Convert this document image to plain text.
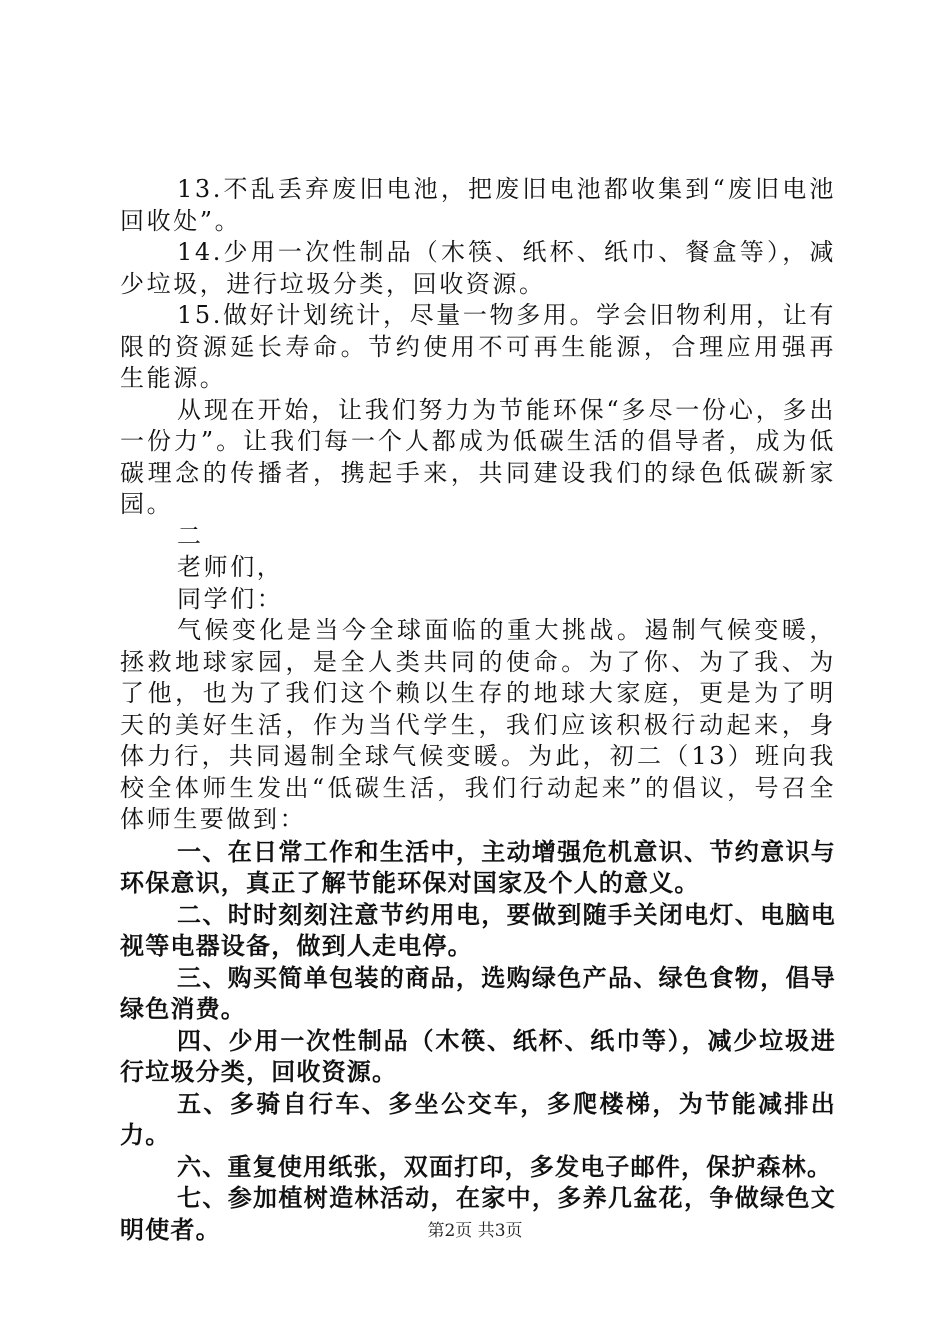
13.不乱丢弃废旧电池，把废旧电池都收集到“废旧电池回收处”。

14.少用一次性制品（木筷、纸杯、纸巾、餐盒等），减少垃圾，进行垃圾分类，回收资源。

15.做好计划统计，尽量一物多用。学会旧物利用，让有限的资源延长寿命。节约使用不可再生能源，合理应用强再生能源。

从现在开始，让我们努力为节能环保“多尽一份心，多出一份力”。让我们每一个人都成为低碳生活的倡导者，成为低碳理念的传播者，携起手来，共同建设我们的绿色低碳新家园。

二

老师们，

同学们：

气候变化是当今全球面临的重大挑战。遏制气候变暖，拯救地球家园，是全人类共同的使命。为了你、为了我、为了他，也为了我们这个赖以生存的地球大家庭，更是为了明天的美好生活，作为当代学生，我们应该积极行动起来，身体力行，共同遏制全球气候变暖。为此，初二（13）班向我校全体师生发出“低碳生活，我们行动起来”的倡议，号召全体师生要做到：

一、在日常工作和生活中，主动增强危机意识、节约意识与环保意识，真正了解节能环保对国家及个人的意义。

二、时时刻刻注意节约用电，要做到随手关闭电灯、电脑电视等电器设备，做到人走电停。

三、购买简单包装的商品，选购绿色产品、绿色食物，倡导绿色消费。

四、少用一次性制品（木筷、纸杯、纸巾等），减少垃圾进行垃圾分类，回收资源。

五、多骑自行车、多坐公交车，多爬楼梯，为节能减排出力。

六、重复使用纸张，双面打印，多发电子邮件，保护森林。

七、参加植树造林活动，在家中，多养几盆花，争做绿色文明使者。	第2页 共3页
